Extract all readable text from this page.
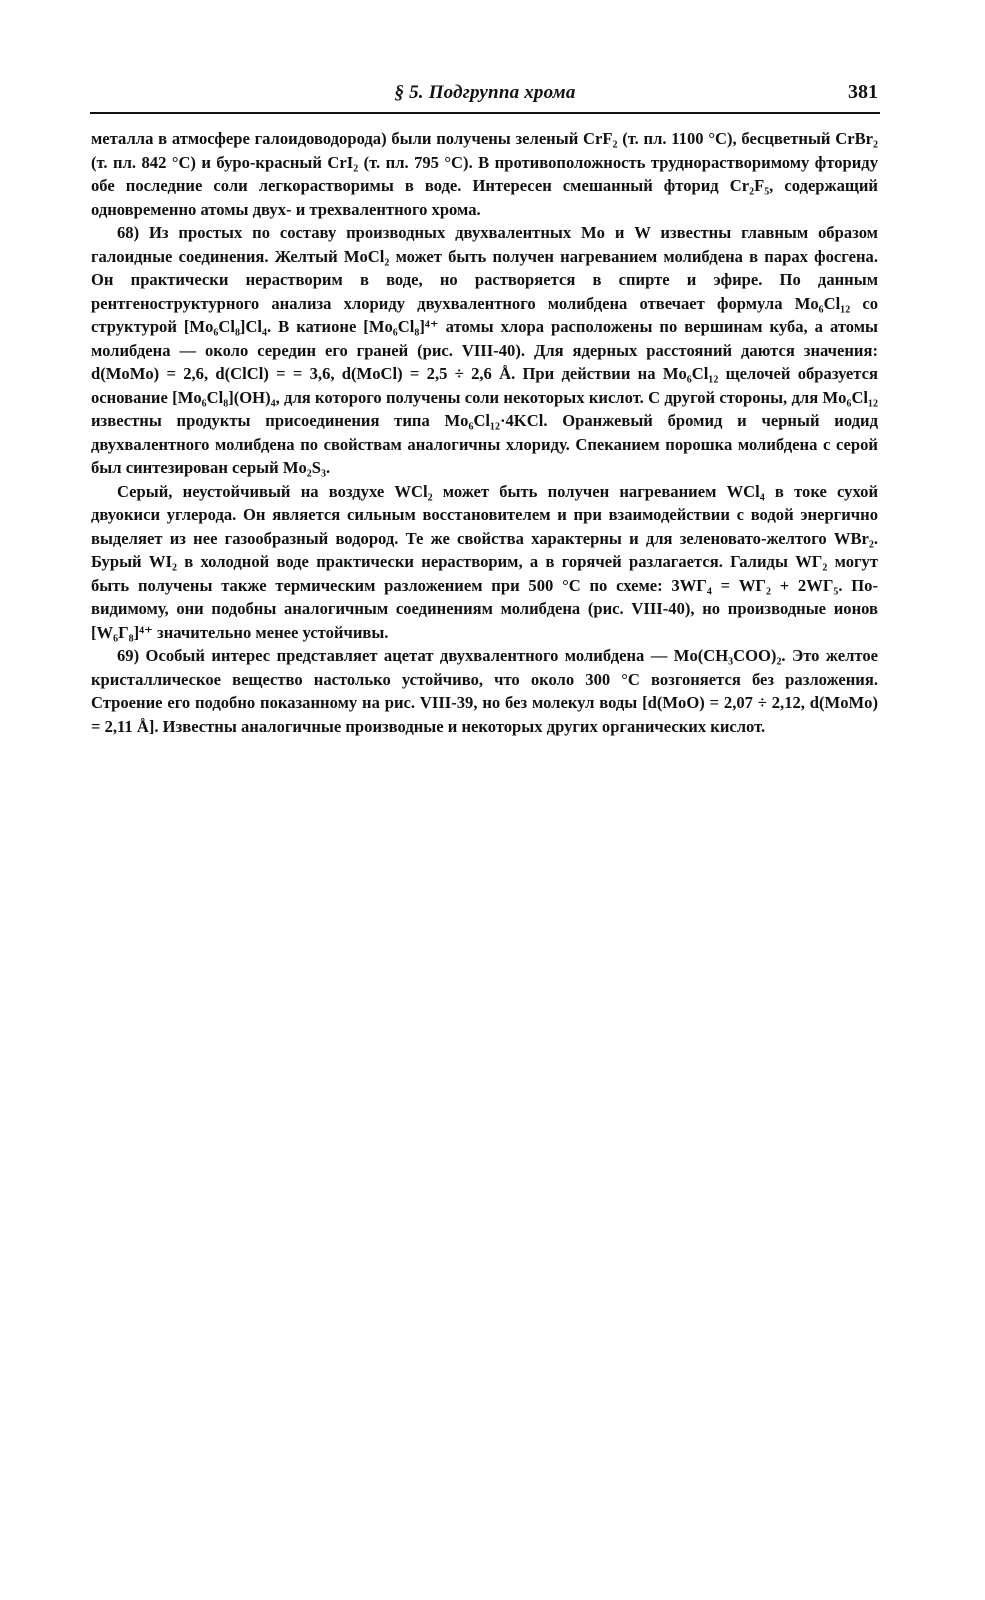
§ 5. Подгруппа хрома	381

металла в атмосфере галоидоводорода) были получены зеленый CrF₂ (т. пл. 1100 °C), бесцветный CrBr₂ (т. пл. 842 °C) и буро-красный CrI₂ (т. пл. 795 °C). В противоположность труднорастворимому фториду обе последние соли легкорастворимы в воде. Интересен смешанный фторид Cr₂F₅, содержащий одновременно атомы двух- и трехвалентного хрома.

68) Из простых по составу производных двухвалентных Mo и W известны главным образом галоидные соединения. Желтый MoCl₂ может быть получен нагреванием молибдена в парах фосгена. Он практически нерастворим в воде, но растворяется в спирте и эфире. По данным рентгеноструктурного анализа хлориду двухвалентного молибдена отвечает формула Mo₆Cl₁₂ со структурой [Mo₆Cl₈]Cl₄. В катионе [Mo₆Cl₈]⁴⁺ атомы хлора расположены по вершинам куба, а атомы молибдена — около середин его граней (рис. VIII-40). Для ядерных расстояний даются значения: d(MoMo) = 2,6, d(ClCl) = = 3,6, d(MoCl) = 2,5 ÷ 2,6 Å. При действии на Mo₆Cl₁₂ щелочей образуется основание [Mo₆Cl₈](OH)₄, для которого получены соли некоторых кислот. С другой стороны, для Mo₆Cl₁₂ известны продукты присоединения типа Mo₆Cl₁₂·4KCl. Оранжевый бромид и черный иодид двухвалентного молибдена по свойствам аналогичны хлориду. Спеканием порошка молибдена с серой был синтезирован серый Mo₂S₃.

Серый, неустойчивый на воздухе WCl₂ может быть получен нагреванием WCl₄ в токе сухой двуокиси углерода. Он является сильным восстановителем и при взаимодействии с водой энергично выделяет из нее газообразный водород. Те же свойства характерны и для зеленовато-желтого WBr₂. Бурый WI₂ в холодной воде практически нерастворим, а в горячей разлагается. Галиды WГ₂ могут быть получены также термическим разложением при 500 °C по схеме: 3WГ₄ = WГ₂ + 2WГ₅. По-видимому, они подобны аналогичным соединениям молибдена (рис. VIII-40), но производные ионов [W₆Г₈]⁴⁺ значительно менее устойчивы.

69) Особый интерес представляет ацетат двухвалентного молибдена — Mo(CH₃COO)₂. Это желтое кристаллическое вещество настолько устойчиво, что около 300 °C возгоняется без разложения. Строение его подобно показанному на рис. VIII-39, но без молекул воды [d(MoO) = 2,07 ÷ 2,12, d(MoMo) = 2,11 Å]. Известны аналогичные производные и некоторых других органических кислот.
